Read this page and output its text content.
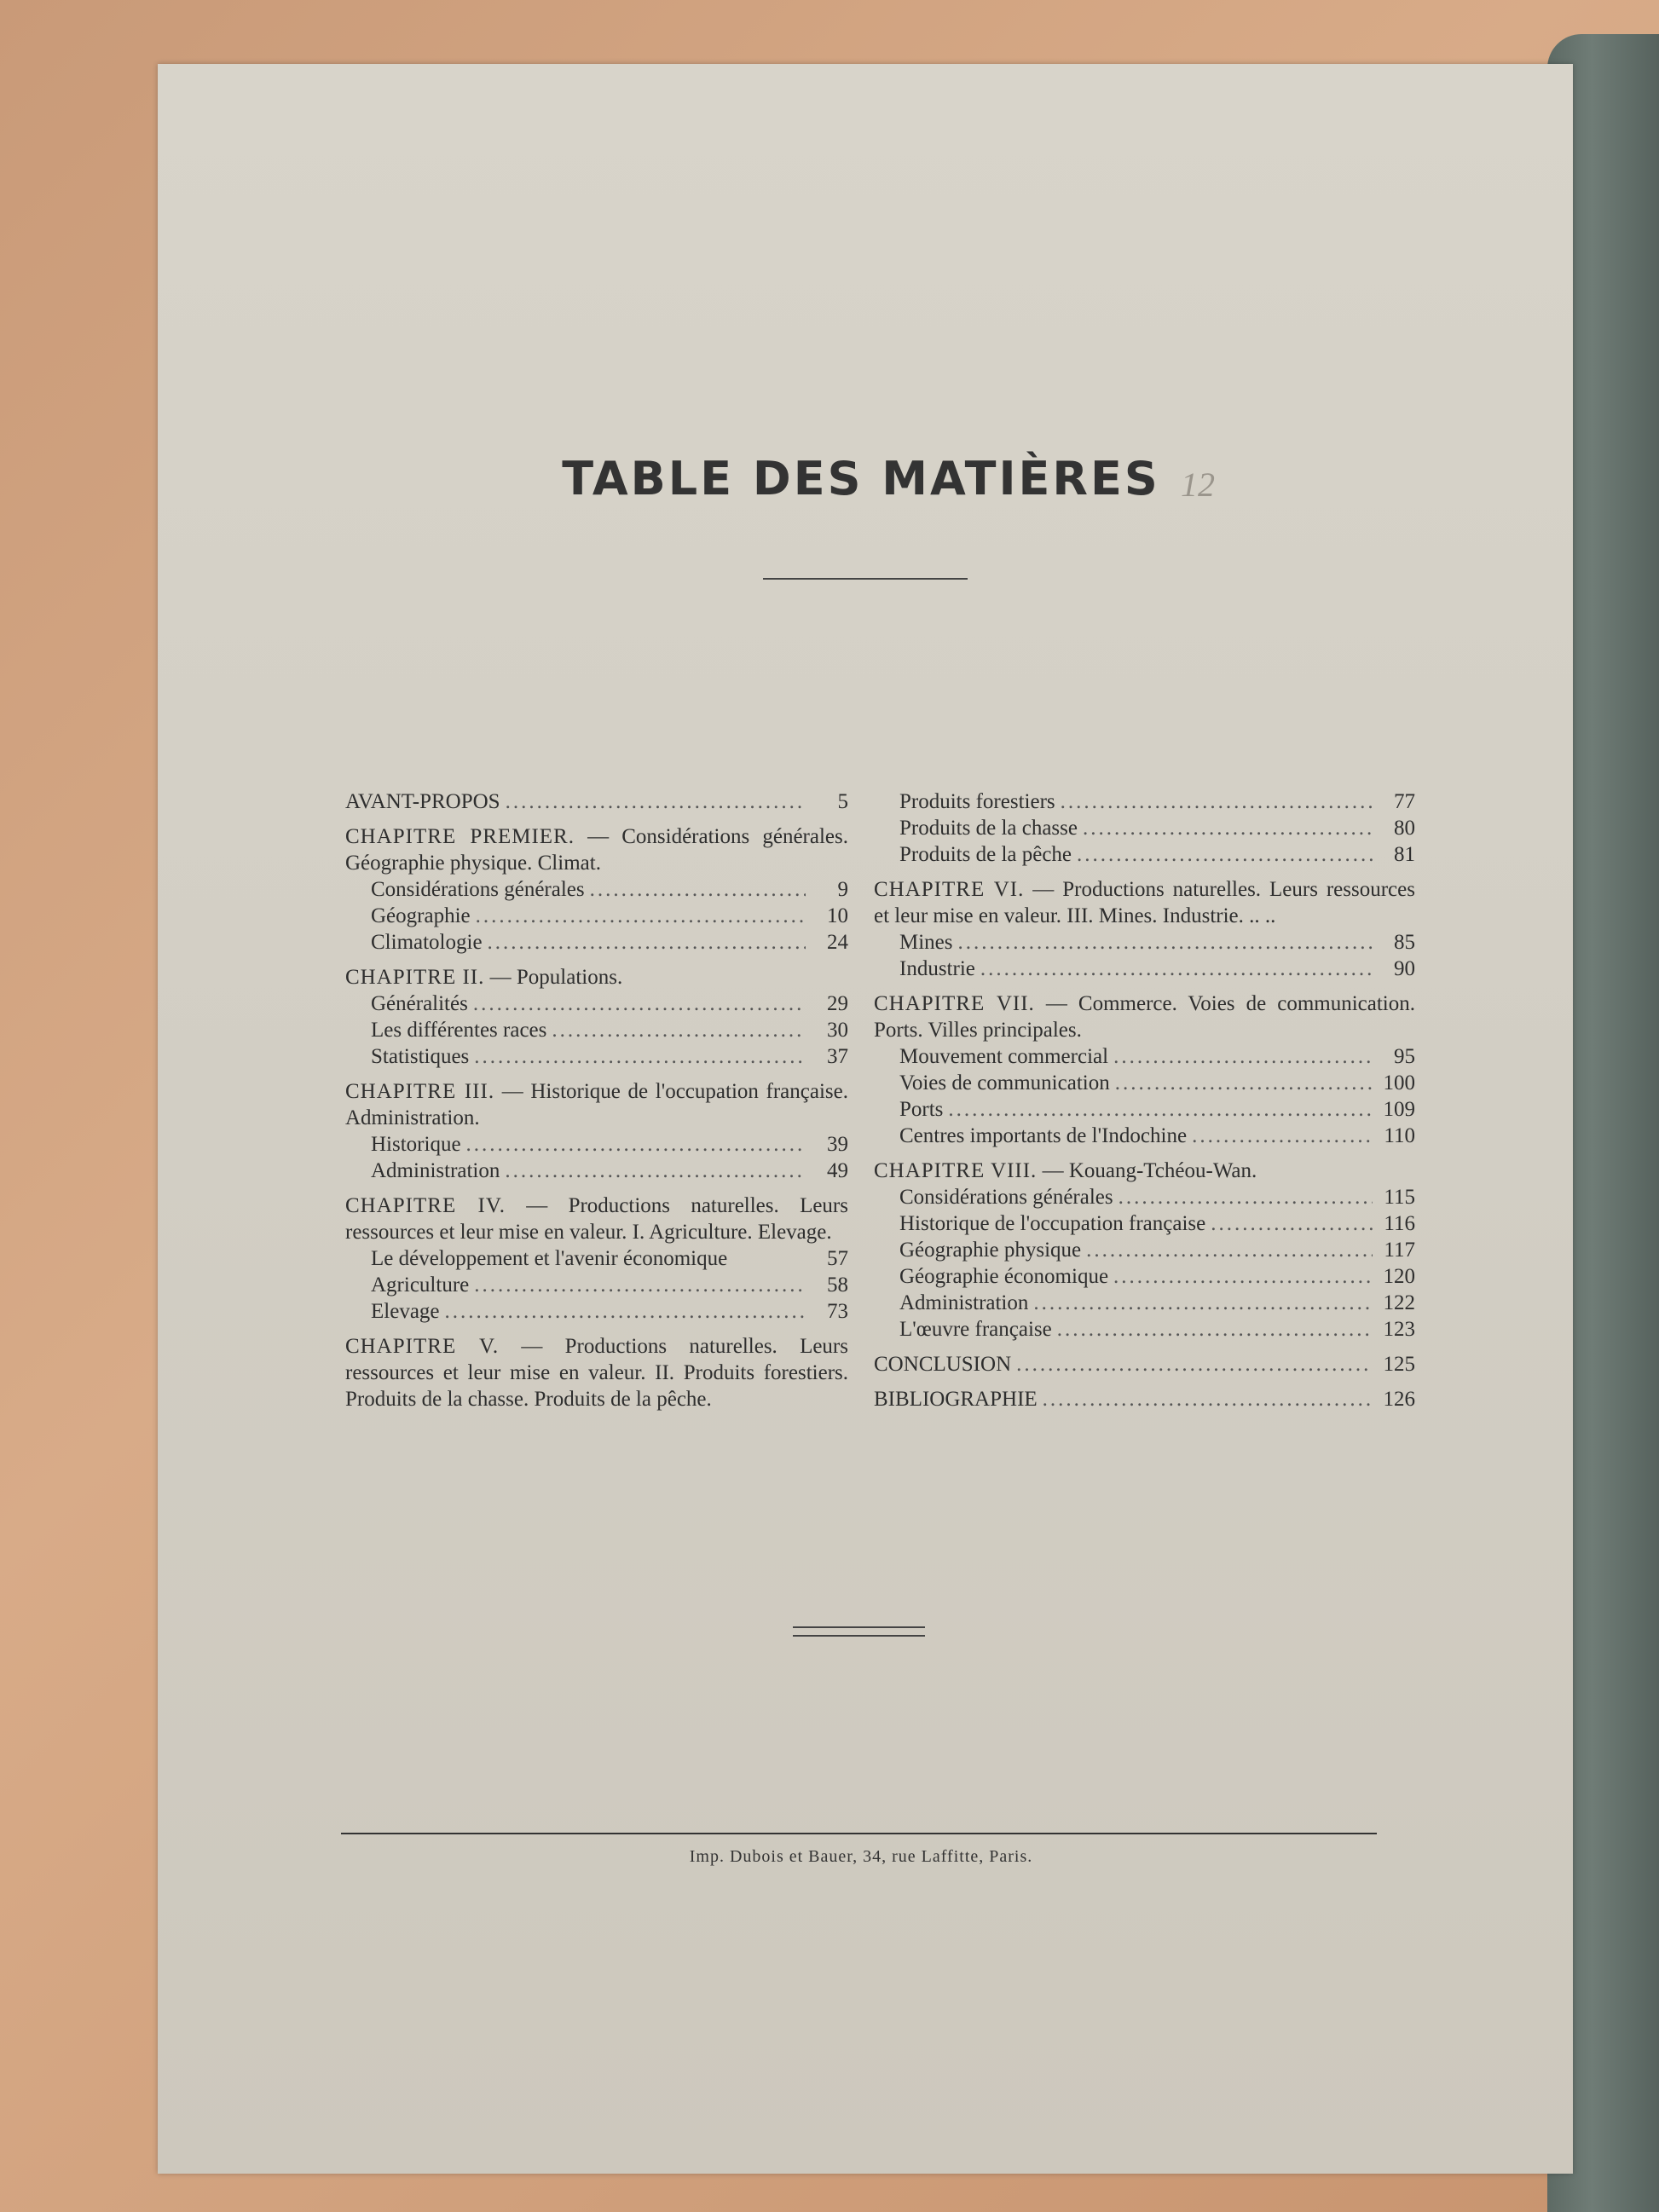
TABLE DES MATIÈRES 12
AVANT-PROPOS .....	5
CHAPITRE PREMIER. — Considérations générales. Géographie physique. Climat.
Considérations générales .....	9
Géographie .....	10
Climatologie .....	24
CHAPITRE II. — Populations.
Généralités .....	29
Les différentes races .....	30
Statistiques .....	37
CHAPITRE III. — Historique de l'occupation française. Administration.
Historique .....	39
Administration .....	49
CHAPITRE IV. — Productions naturelles. Leurs ressources et leur mise en valeur. I. Agriculture. Elevage.
Le développement et l'avenir économique	57
Agriculture .....	58
Elevage .....	73
CHAPITRE V. — Productions naturelles. Leurs ressources et leur mise en valeur. II. Produits forestiers. Produits de la chasse. Produits de la pêche.
Produits forestiers .....	77
Produits de la chasse .....	80
Produits de la pêche .....	81
CHAPITRE VI. — Productions naturelles. Leurs ressources et leur mise en valeur. III. Mines. Industrie. .. ..
Mines .....	85
Industrie .....	90
CHAPITRE VII. — Commerce. Voies de communication. Ports. Villes principales.
Mouvement commercial .....	95
Voies de communication .....	100
Ports .....	109
Centres importants de l'Indochine .....	110
CHAPITRE VIII. — Kouang-Tchéou-Wan.
Considérations générales .....	115
Historique de l'occupation française .....	116
Géographie physique .....	117
Géographie économique .....	120
Administration .....	122
L'œuvre française .....	123
CONCLUSION .....	125
BIBLIOGRAPHIE .....	126
Imp. Dubois et Bauer, 34, rue Laffitte, Paris.
